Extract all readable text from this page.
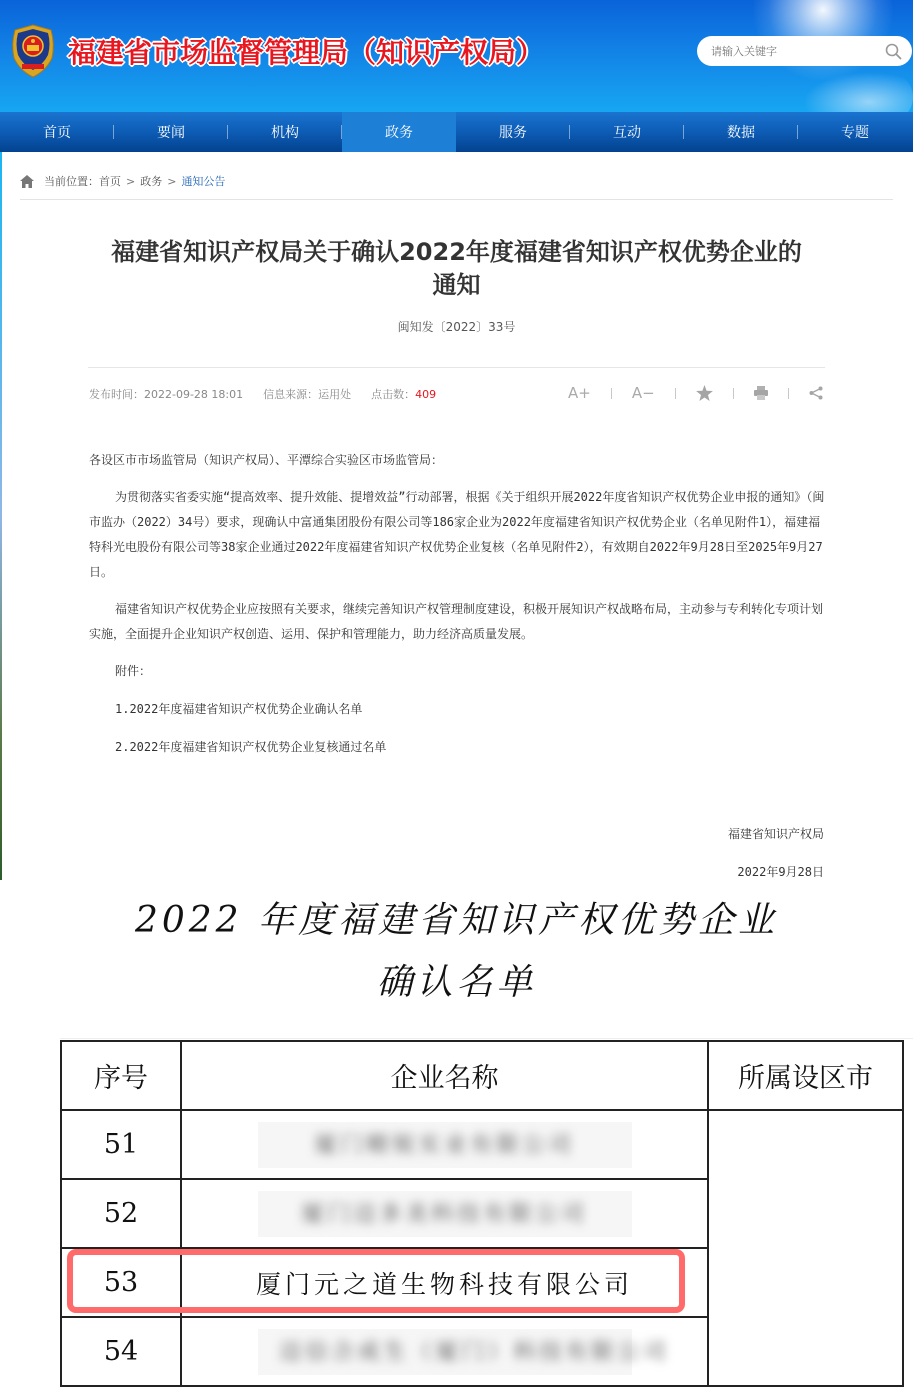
福建省市场监督管理局（知识产权局）
请输入关键字
首页	要闻	机构	政务	服务	互动	数据	专题
当前位置： 首页 > 政务 > 通知公告
福建省知识产权局关于确认2022年度福建省知识产权优势企业的通知
闽知发〔2022〕33号
发布时间：2022-09-28 18:01 信息来源：运用处 点击数：409	A+	A−

各设区市市场监管局（知识产权局）、平潭综合实验区市场监管局：

为贯彻落实省委实施“提高效率、提升效能、提增效益”行动部署，根据《关于组织开展2022年度省知识产权优势企业申报的通知》（闽市监办（2022）34号）要求，现确认中富通集团股份有限公司等186家企业为2022年度福建省知识产权优势企业（名单见附件1），福建福特科光电股份有限公司等38家企业通过2022年度福建省知识产权优势企业复核（名单见附件2），有效期自2022年9月28日至2025年9月27日。

福建省知识产权优势企业应按照有关要求，继续完善知识产权管理制度建设，积极开展知识产权战略布局，主动参与专利转化专项计划实施，全面提升企业知识产权创造、运用、保护和管理能力，助力经济高质量发展。

附件：

1.2022年度福建省知识产权优势企业确认名单

2.2022年度福建省知识产权优势企业复核通过名单

福建省知识产权局
2022年9月28日
2022 年度福建省知识产权优势企业
确认名单
序号	企业名称	所属设区市
51	厦门精锐实业有限公司	
52	厦门迈多美科技有限公司	
53	厦门元之道生物科技有限公司	
54	迈信合成生（厦门）科技有限公司	
